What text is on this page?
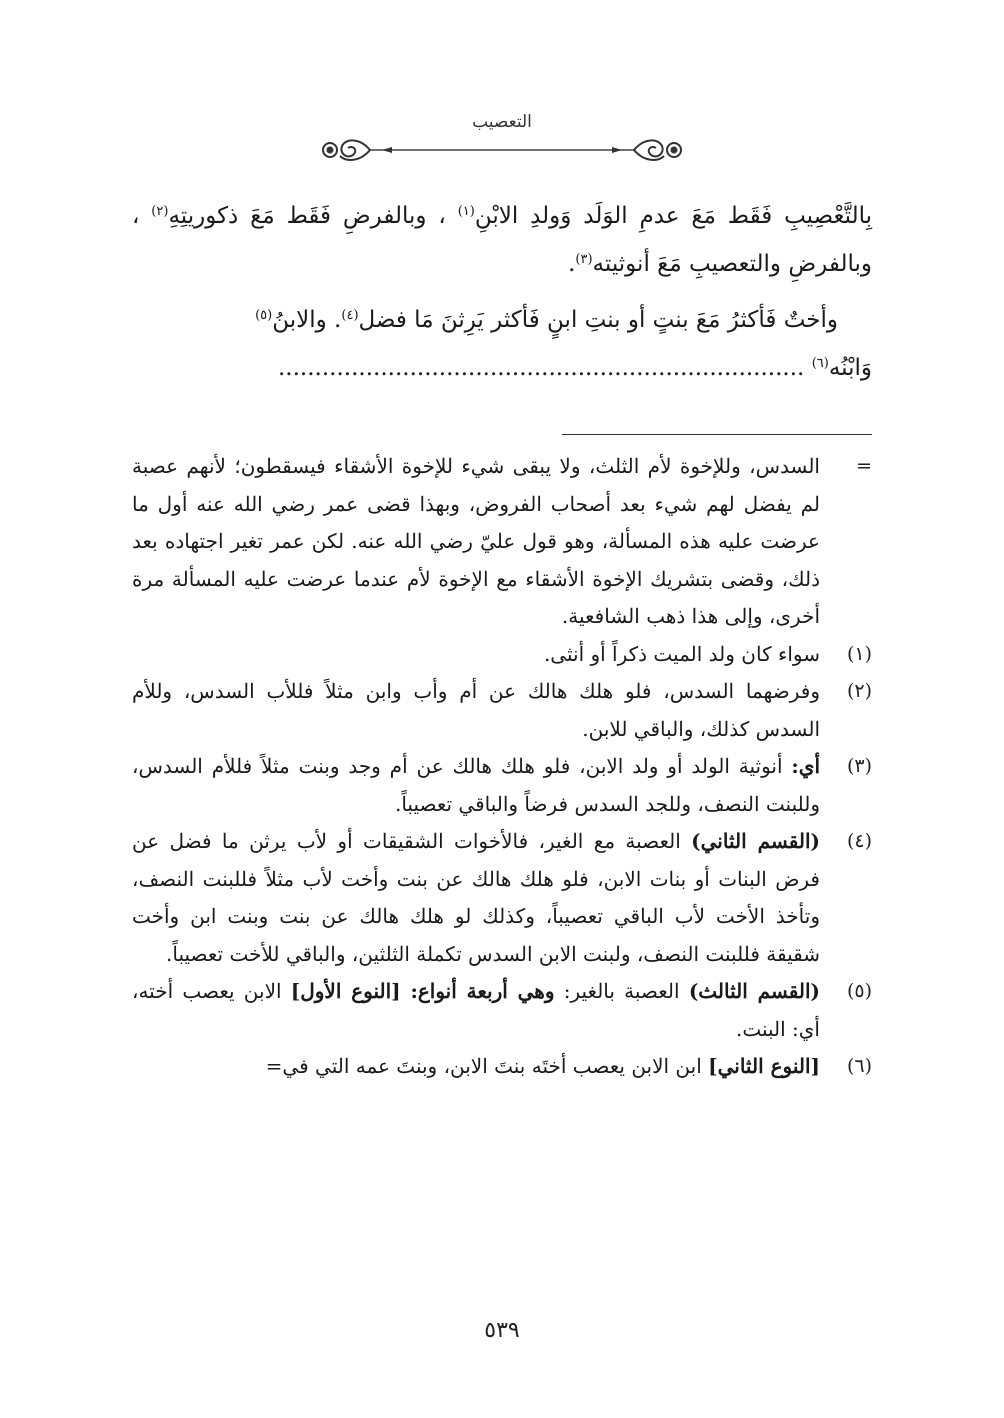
التعصيب

بِالتَّعْصِيبِ فَقَط مَعَ عدمِ الوَلَد وَولدِ الابْنِ$^{(١)}$ ، وبالفرضِ فَقَط مَعَ ذكوريتِهِ$^{(٢)}$ ، وبالفرضِ والتعصيبِ مَعَ أنوثيته$^{(٣)}$.

وأختٌ فَأكثرُ مَعَ بنتٍ أو بنتِ ابنٍ فَأكثر يَرِثنَ مَا فضل$^{(٤)}$. والابنُ$^{(٥)}$

وَابْنُه$^{(٦)}$ ........................................................................

=
السدس، وللإخوة لأم الثلث، ولا يبقى شيء للإخوة الأشقاء فيسقطون؛ لأنهم عصبة لم يفضل لهم شيء بعد أصحاب الفروض، وبهذا قضى عمر رضي الله عنه أول ما عرضت عليه هذه المسألة، وهو قول عليّ رضي الله عنه. لكن عمر تغير اجتهاده بعد ذلك، وقضى بتشريك الإخوة الأشقاء مع الإخوة لأم عندما عرضت عليه المسألة مرة أخرى، وإلى هذا ذهب الشافعية.
(١)
سواء كان ولد الميت ذكراً أو أنثى.
(٢)
وفرضهما السدس، فلو هلك هالك عن أم وأب وابن مثلاً فللأب السدس، وللأم السدس كذلك، والباقي للابن.
(٣)
أي: أنوثية الولد أو ولد الابن، فلو هلك هالك عن أم وجد وبنت مثلاً فللأم السدس، وللبنت النصف، وللجد السدس فرضاً والباقي تعصيباً.
(٤)
(القسم الثاني) العصبة مع الغير، فالأخوات الشقيقات أو لأب يرثن ما فضل عن فرض البنات أو بنات الابن، فلو هلك هالك عن بنت وأخت لأب مثلاً فللبنت النصف، وتأخذ الأخت لأب الباقي تعصيباً، وكذلك لو هلك هالك عن بنت وبنت ابن وأخت شقيقة فللبنت النصف، ولبنت الابن السدس تكملة الثلثين، والباقي للأخت تعصيباً.
(٥)
(القسم الثالث) العصبة بالغير: وهي أربعة أنواع: [النوع الأول] الابن يعصب أخته، أي: البنت.
(٦)
[النوع الثاني] ابن الابن يعصب أختَه بنتَ الابن، وبنتَ عمه التي في=
٥٣٩
